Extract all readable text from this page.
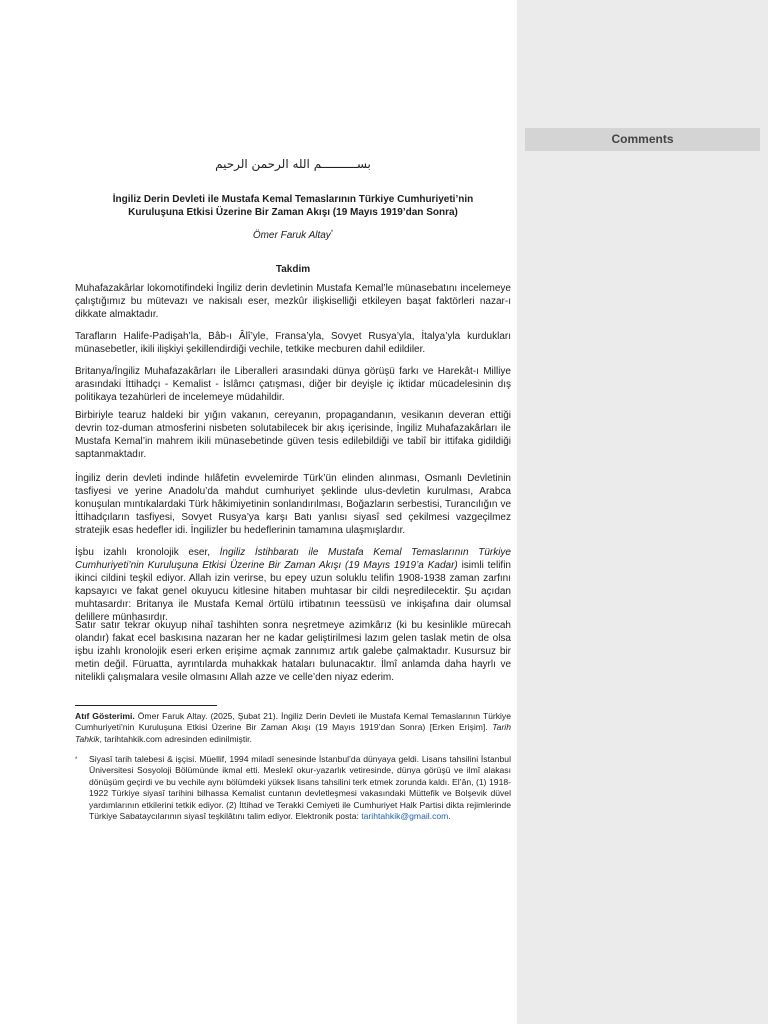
بســــــــــم الله الرحمن الرحيم
İngiliz Derin Devleti ile Mustafa Kemal Temaslarının Türkiye Cumhuriyeti’nin
Kuruluşuna Etkisi Üzerine Bir Zaman Akışı (19 Mayıs 1919’dan Sonra)
Ömer Faruk Altay*
Takdim

Muhafazakârlar lokomotifindeki İngiliz derin devletinin Mustafa Kemal’le münasebatını incelemeye çalıştığımız bu mütevazı ve nakisalı eser, mezkûr ilişkiselliği etkileyen başat faktörleri nazar-ı dikkate almaktadır.

Tarafların Halife-Padişah’la, Bâb-ı Âlî’yle, Fransa’yla, Sovyet Rusya’yla, İtalya’yla kurdukları münasebetler, ikili ilişkiyi şekillendirdiği vechile, tetkike mecburen dahil edildiler.

Britanya/İngiliz Muhafazakârları ile Liberalleri arasındaki dünya görüşü farkı ve Harekât-ı Milliye arasındaki İttihadçı - Kemalist - İslâmcı çatışması, diğer bir deyişle iç iktidar mücadelesinin dış politikaya tezahürleri de incelemeye müdahildir.

Birbiriyle tearuz haldeki bir yığın vakanın, cereyanın, propagandanın, vesikanın deveran ettiği devrin toz-duman atmosferini nisbeten solutabilecek bir akış içerisinde, İngiliz Muhafazakârları ile Mustafa Kemal’in mahrem ikili münasebetinde güven tesis edilebildiği ve tabiî bir ittifaka gidildiği saptanmaktadır.

İngiliz derin devleti indinde hılâfetin evvelemirde Türk’ün elinden alınması, Osmanlı Devletinin tasfiyesi ve yerine Anadolu’da mahdut cumhuriyet şeklinde ulus-devletin kurulması, Arabca konuşulan mıntıkalardaki Türk hâkimiyetinin sonlandırılması, Boğazların serbestisi, Turancılığın ve İttihadçıların tasfiyesi, Sovyet Rusya’ya karşı Batı yanlısı siyasî sed çekilmesi vazgeçilmez stratejik esas hedefler idi. İngilizler bu hedeflerinin tamamına ulaşmışlardır.

İşbu izahlı kronolojik eser, İngiliz İstihbaratı ile Mustafa Kemal Temaslarının Türkiye Cumhuriyeti’nin Kuruluşuna Etkisi Üzerine Bir Zaman Akışı (19 Mayıs 1919’a Kadar) isimli telifin ikinci cildini teşkil ediyor. Allah izin verirse, bu epey uzun soluklu telifin 1908-1938 zaman zarfını kapsayıcı ve fakat genel okuyucu kitlesine hitaben muhtasar bir cildi neşredilecektir. Şu açıdan muhtasardır: Britanya ile Mustafa Kemal örtülü irtibatının teessüsü ve inkişafına dair olumsal delillere münhasırdır.

Satır satır tekrar okuyup nihaî tashihten sonra neşretmeye azimkârız (ki bu kesinlikle mürecah olandır) fakat ecel baskısına nazaran her ne kadar geliştirilmesi lazım gelen taslak metin de olsa işbu izahlı kronolojik eseri erken erişime açmak zannımız artık galebe çalmaktadır. Kusursuz bir metin değil. Füruatta, ayrıntılarda muhakkak hataları bulunacaktır. İlmî anlamda daha hayrlı ve nitelikli çalışmalara vesile olmasını Allah azze ve celle’den niyaz ederim.

Atıf Gösterimi. Ömer Faruk Altay. (2025, Şubat 21). İngiliz Derin Devleti ile Mustafa Kemal Temaslarının Türkiye Cumhuriyeti’nin Kuruluşuna Etkisi Üzerine Bir Zaman Akışı (19 Mayıs 1919’dan Sonra) [Erken Erişim]. Tarih Tahkik, tarihtahkik.com adresinden edinilmiştir.

* Siyasî tarih talebesi & işçisi. Müellif, 1994 miladî senesinde İstanbul’da dünyaya geldi. Lisans tahsilini İstanbul Üniversitesi Sosyoloji Bölümünde ikmal etti. Meslekî okur-yazarlık vetiresinde, dünya görüşü ve ilmî alakası dönüşüm geçirdi ve bu vechile aynı bölümdeki yüksek lisans tahsilini terk etmek zorunda kaldı. El’ân, (1) 1918-1922 Türkiye siyasî tarihini bilhassa Kemalist cuntanın devletleşmesi vakasındaki Müttefik ve Bolşevik düvel yardımlarının etkilerini tetkik ediyor. (2) İttihad ve Terakki Cemiyeti ile Cumhuriyet Halk Partisi dikta rejimlerinde Türkiye Sabataycılarının siyasî teşkilâtını talim ediyor. Elektronik posta: tarihtahkik@gmail.com.

Comments
